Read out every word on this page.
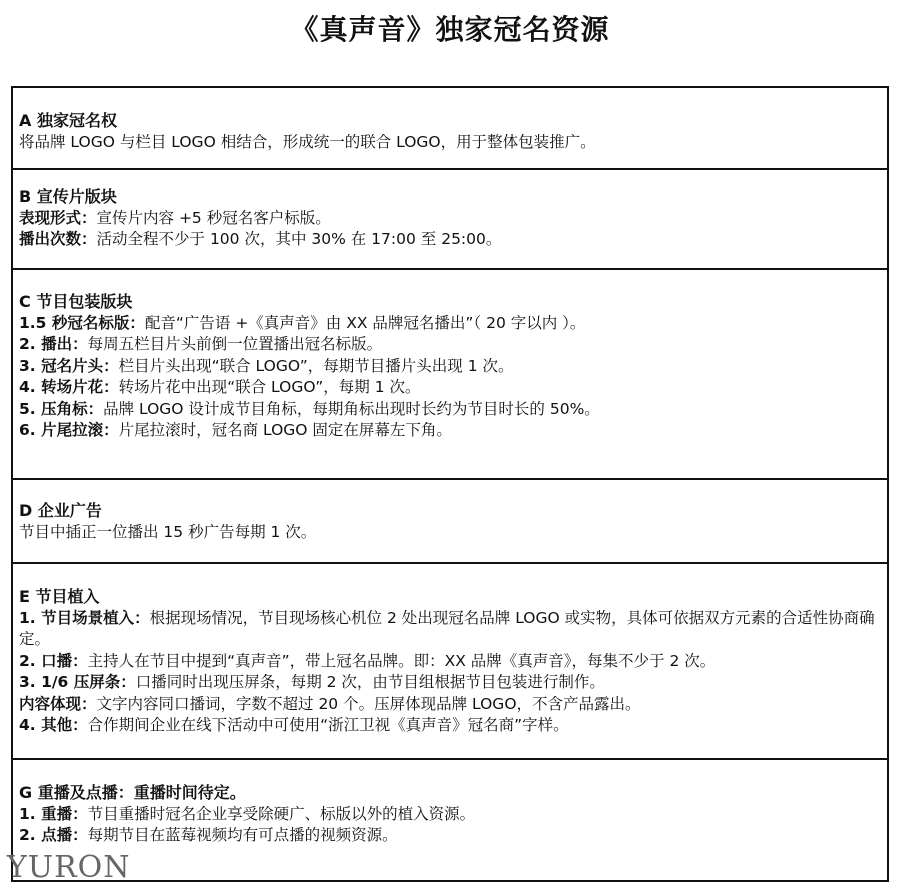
《真声音》独家冠名资源
A 独家冠名权
将品牌 LOGO 与栏目 LOGO 相结合，形成统一的联合 LOGO，用于整体包装推广。
B 宣传片版块
表现形式：宣传片内容 +5 秒冠名客户标版。
播出次数：活动全程不少于 100 次，其中 30% 在 17:00 至 25:00。
C 节目包装版块
1.5 秒冠名标版：配音“广告语 +《真声音》由 XX 品牌冠名播出”（ 20 字以内 ）。
2. 播出：每周五栏目片头前倒一位置播出冠名标版。
3. 冠名片头：栏目片头出现“联合 LOGO”，每期节目播片头出现 1 次。
4. 转场片花：转场片花中出现“联合 LOGO”，每期 1 次。
5. 压角标：品牌 LOGO 设计成节目角标，每期角标出现时长约为节目时长的 50%。
6. 片尾拉滚：片尾拉滚时，冠名商 LOGO 固定在屏幕左下角。
D 企业广告
节目中插正一位播出 15 秒广告每期 1 次。
E 节目植入
1. 节目场景植入：根据现场情况，节目现场核心机位 2 处出现冠名品牌 LOGO 或实物，具体可依据双方元素的合适性协商确定。
2. 口播：主持人在节目中提到“真声音”，带上冠名品牌。即：XX 品牌《真声音》，每集不少于 2 次。
3. 1/6 压屏条：口播同时出现压屏条，每期 2 次，由节目组根据节目包装进行制作。
内容体现：文字内容同口播词，字数不超过 20 个。压屏体现品牌 LOGO，不含产品露出。
4. 其他：合作期间企业在线下活动中可使用“浙江卫视《真声音》冠名商”字样。
G 重播及点播：重播时间待定。
1. 重播：节目重播时冠名企业享受除硬广、标版以外的植入资源。
2. 点播：每期节目在蓝莓视频均有可点播的视频资源。
YURON
